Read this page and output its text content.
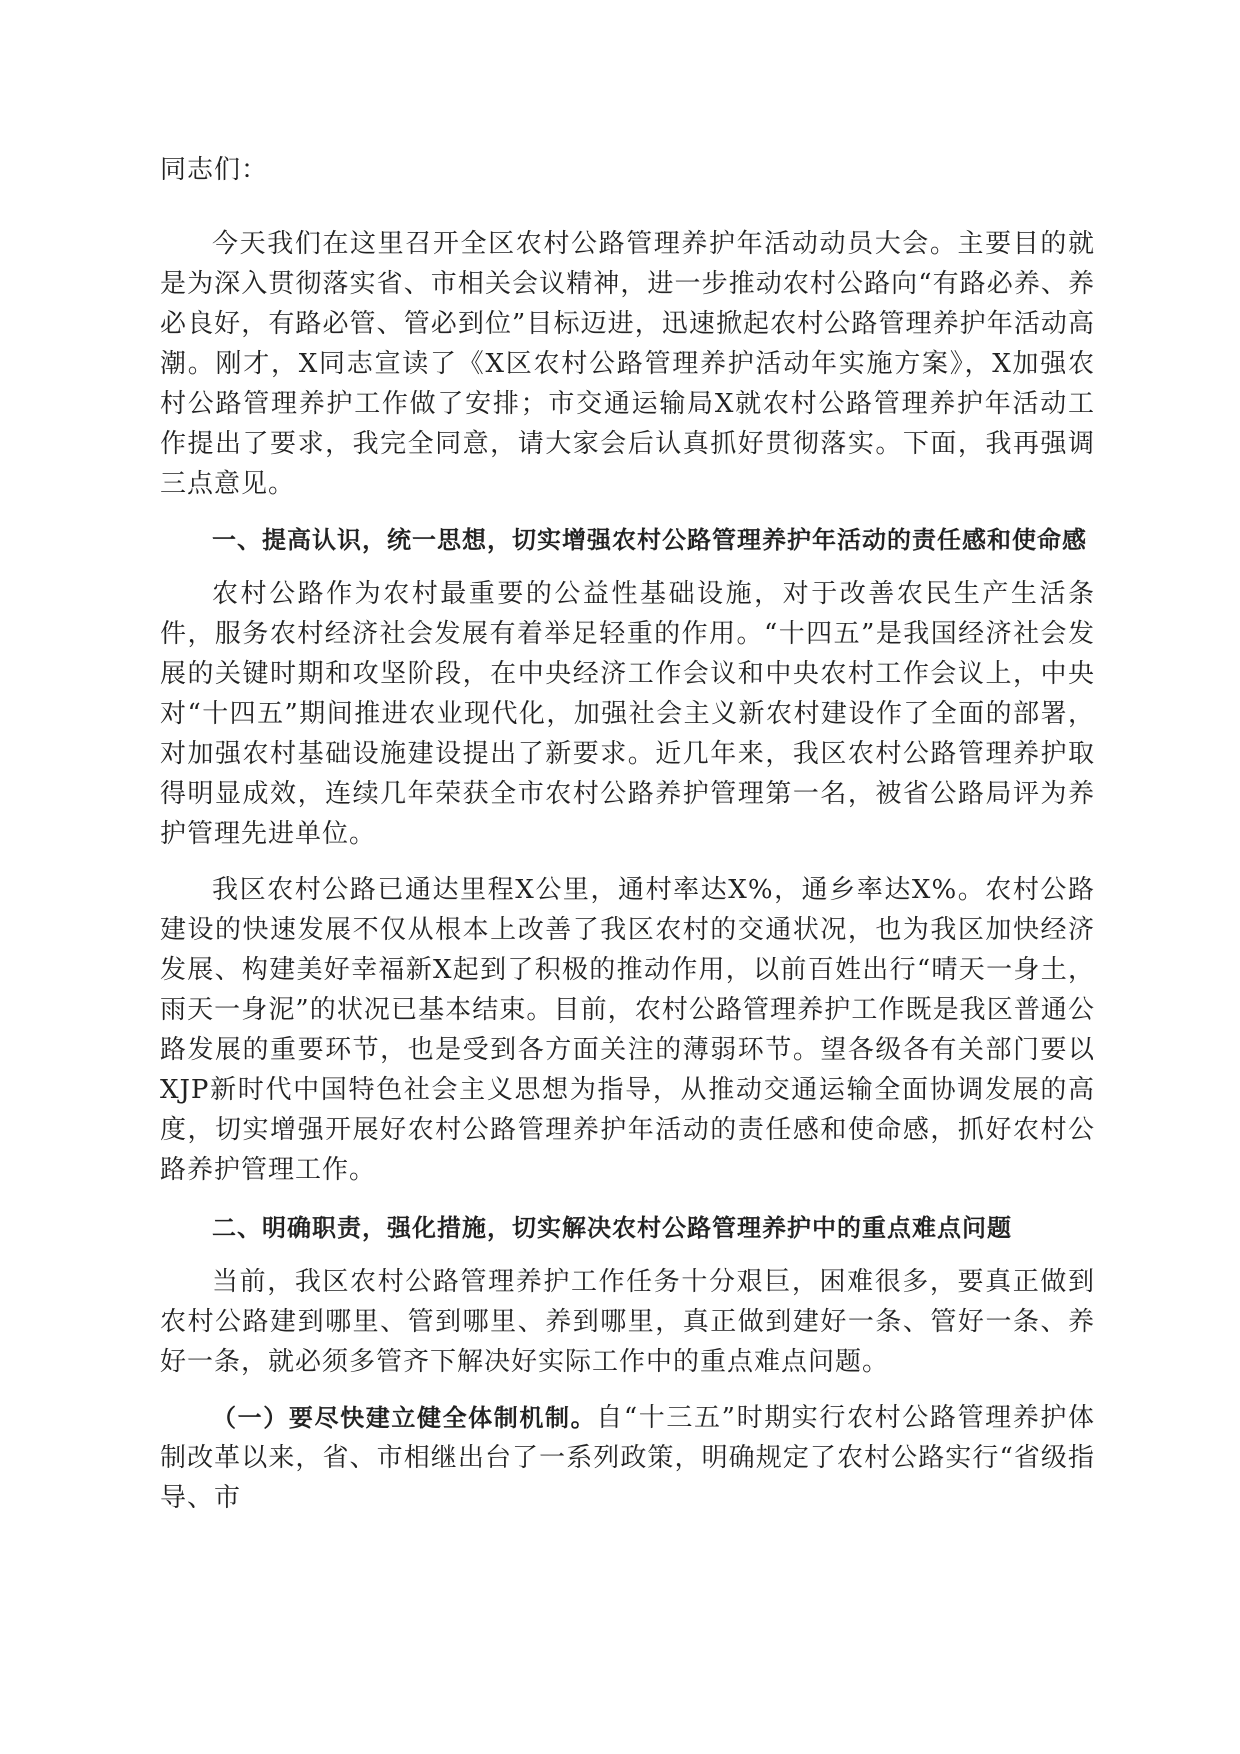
同志们：

今天我们在这里召开全区农村公路管理养护年活动动员大会。主要目的就是为深入贯彻落实省、市相关会议精神，进一步推动农村公路向“有路必养、养必良好，有路必管、管必到位”目标迈进，迅速掀起农村公路管理养护年活动高潮。刚才，X同志宣读了《X区农村公路管理养护活动年实施方案》，X加强农村公路管理养护工作做了安排；市交通运输局X就农村公路管理养护年活动工作提出了要求，我完全同意，请大家会后认真抓好贯彻落实。下面，我再强调三点意见。

一、提高认识，统一思想，切实增强农村公路管理养护年活动的责任感和使命感

农村公路作为农村最重要的公益性基础设施，对于改善农民生产生活条件，服务农村经济社会发展有着举足轻重的作用。“十四五”是我国经济社会发展的关键时期和攻坚阶段，在中央经济工作会议和中央农村工作会议上，中央对“十四五”期间推进农业现代化，加强社会主义新农村建设作了全面的部署，对加强农村基础设施建设提出了新要求。近几年来，我区农村公路管理养护取得明显成效，连续几年荣获全市农村公路养护管理第一名，被省公路局评为养护管理先进单位。

我区农村公路已通达里程X公里，通村率达X%，通乡率达X%。农村公路建设的快速发展不仅从根本上改善了我区农村的交通状况，也为我区加快经济发展、构建美好幸福新X起到了积极的推动作用，以前百姓出行“晴天一身土，雨天一身泥”的状况已基本结束。目前，农村公路管理养护工作既是我区普通公路发展的重要环节，也是受到各方面关注的薄弱环节。望各级各有关部门要以XJP新时代中国特色社会主义思想为指导，从推动交通运输全面协调发展的高度，切实增强开展好农村公路管理养护年活动的责任感和使命感，抓好农村公路养护管理工作。

二、明确职责，强化措施，切实解决农村公路管理养护中的重点难点问题

当前，我区农村公路管理养护工作任务十分艰巨，困难很多，要真正做到农村公路建到哪里、管到哪里、养到哪里，真正做到建好一条、管好一条、养好一条，就必须多管齐下解决好实际工作中的重点难点问题。

（一）要尽快建立健全体制机制。自“十三五”时期实行农村公路管理养护体制改革以来，省、市相继出台了一系列政策，明确规定了农村公路实行“省级指导、市
